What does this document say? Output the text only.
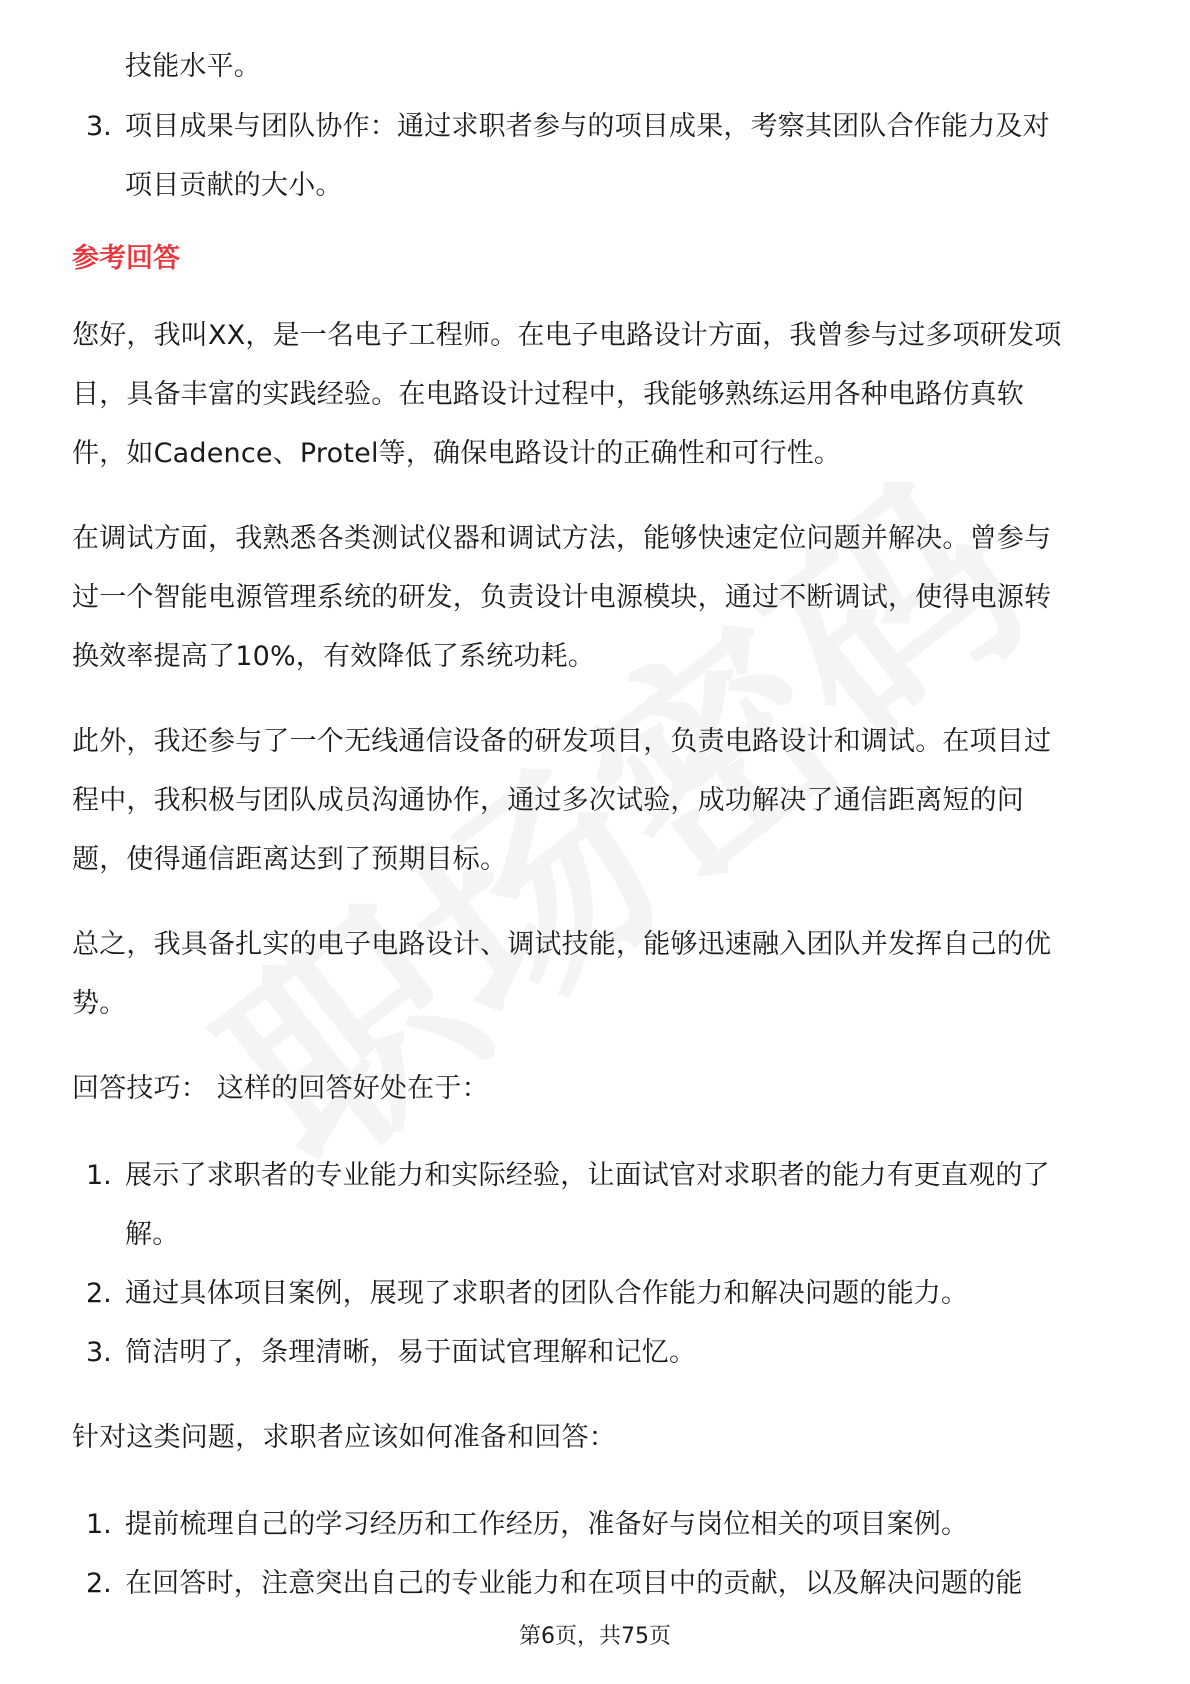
技能水平。
3. 项目成果与团队协作：通过求职者参与的项目成果，考察其团队合作能力及对
项目贡献的大小。
参考回答
您好，我叫XX，是一名电子工程师。在电子电路设计方面，我曾参与过多项研发项
目，具备丰富的实践经验。在电路设计过程中，我能够熟练运用各种电路仿真软
件，如Cadence、Protel等，确保电路设计的正确性和可行性。
在调试方面，我熟悉各类测试仪器和调试方法，能够快速定位问题并解决。曾参与
过一个智能电源管理系统的研发，负责设计电源模块，通过不断调试，使得电源转
换效率提高了10%，有效降低了系统功耗。
此外，我还参与了一个无线通信设备的研发项目，负责电路设计和调试。在项目过
程中，我积极与团队成员沟通协作，通过多次试验，成功解决了通信距离短的问
题，使得通信距离达到了预期目标。
总之，我具备扎实的电子电路设计、调试技能，能够迅速融入团队并发挥自己的优
势。
回答技巧： 这样的回答好处在于：
1. 展示了求职者的专业能力和实际经验，让面试官对求职者的能力有更直观的了
解。
2. 通过具体项目案例，展现了求职者的团队合作能力和解决问题的能力。
3. 简洁明了，条理清晰，易于面试官理解和记忆。
针对这类问题，求职者应该如何准备和回答：
1. 提前梳理自己的学习经历和工作经历，准备好与岗位相关的项目案例。
2. 在回答时，注意突出自己的专业能力和在项目中的贡献，以及解决问题的能
第6页，共75页
